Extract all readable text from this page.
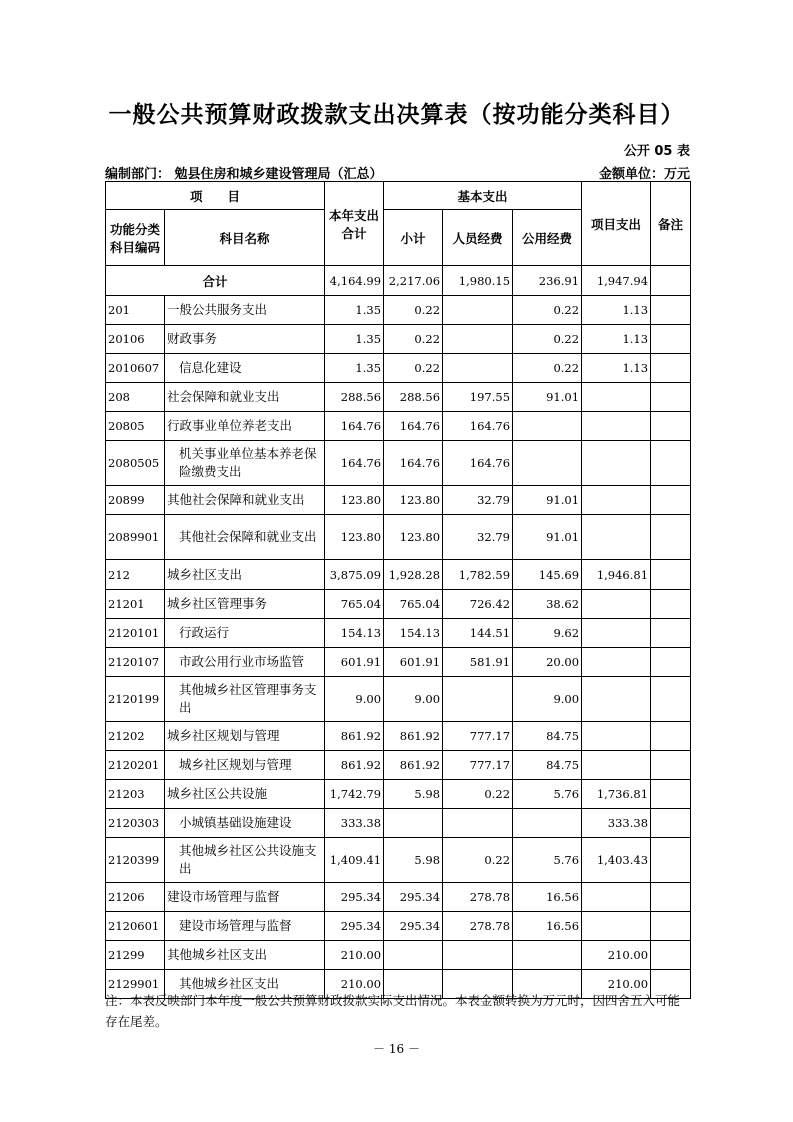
一般公共预算财政拨款支出决算表（按功能分类科目）
公开 05 表
编制部门： 勉县住房和城乡建设管理局（汇总）	金额单位：万元
项　　目		本年支出合计	基本支出			项目支出	备注
功能分类科目编码	科目名称		小计	人员经费	公用经费		
合计		4,164.99	2,217.06	1,980.15	236.91	1,947.94	
201	一般公共服务支出	1.35	0.22		0.22	1.13	
20106	财政事务	1.35	0.22		0.22	1.13	
2010607	信息化建设	1.35	0.22		0.22	1.13	
208	社会保障和就业支出	288.56	288.56	197.55	91.01		
20805	行政事业单位养老支出	164.76	164.76	164.76			
2080505	机关事业单位基本养老保险缴费支出	164.76	164.76	164.76			
20899	其他社会保障和就业支出	123.80	123.80	32.79	91.01		
2089901	其他社会保障和就业支出	123.80	123.80	32.79	91.01		
212	城乡社区支出	3,875.09	1,928.28	1,782.59	145.69	1,946.81	
21201	城乡社区管理事务	765.04	765.04	726.42	38.62		
2120101	行政运行	154.13	154.13	144.51	9.62		
2120107	市政公用行业市场监管	601.91	601.91	581.91	20.00		
2120199	其他城乡社区管理事务支出	9.00	9.00		9.00		
21202	城乡社区规划与管理	861.92	861.92	777.17	84.75		
2120201	城乡社区规划与管理	861.92	861.92	777.17	84.75		
21203	城乡社区公共设施	1,742.79	5.98	0.22	5.76	1,736.81	
2120303	小城镇基础设施建设	333.38				333.38	
2120399	其他城乡社区公共设施支出	1,409.41	5.98	0.22	5.76	1,403.43	
21206	建设市场管理与监督	295.34	295.34	278.78	16.56		
2120601	建设市场管理与监督	295.34	295.34	278.78	16.56		
21299	其他城乡社区支出	210.00				210.00	
2129901	其他城乡社区支出	210.00				210.00	
注：本表反映部门本年度一般公共预算财政拨款实际支出情况。本表金额转换为万元时，因四舍五入可能存在尾差。
－ 16 －
